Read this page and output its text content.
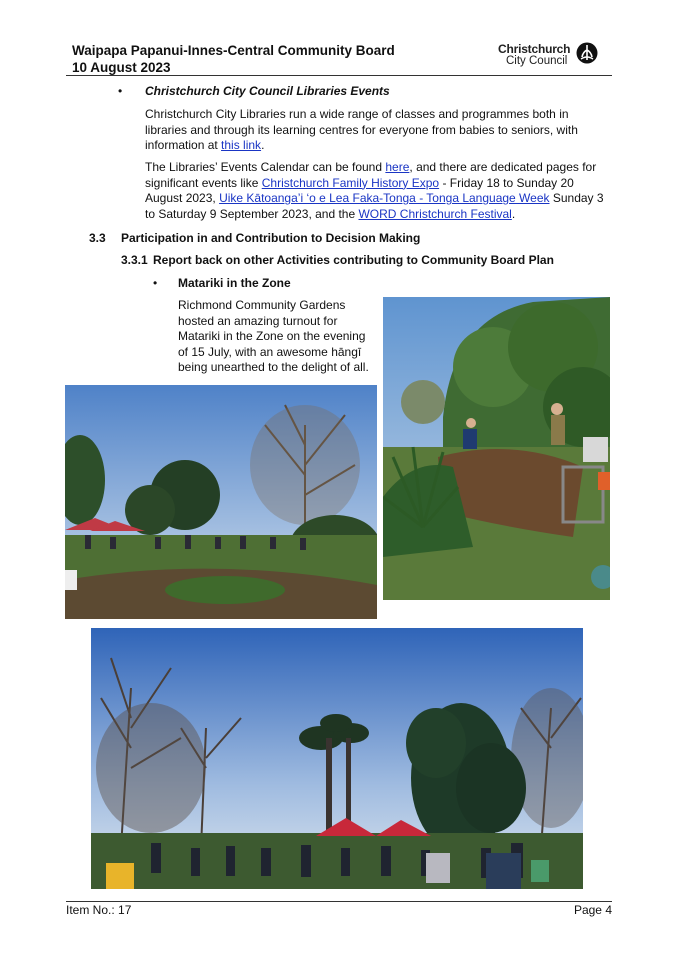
Waipapa Papanui-Innes-Central Community Board
10 August 2023
Christchurch
City Council
• Christchurch City Council Libraries Events
Christchurch City Libraries run a wide range of classes and programmes both in libraries and through its learning centres for everyone from babies to seniors, with information at this link.
The Libraries’ Events Calendar can be found here, and there are dedicated pages for significant events like Christchurch Family History Expo - Friday 18 to Sunday 20 August 2023, Uike Kātoanga’i ‘o e Lea Faka-Tonga - Tonga Language Week Sunday 3 to Saturday 9 September 2023, and the WORD Christchurch Festival.
3.3 Participation in and Contribution to Decision Making
3.3.1 Report back on other Activities contributing to Community Board Plan
• Matariki in the Zone
Richmond Community Gardens hosted an amazing turnout for Matariki in the Zone on the evening of 15 July, with an awesome hāngī being unearthed to the delight of all.
Item No.: 17	Page 4
